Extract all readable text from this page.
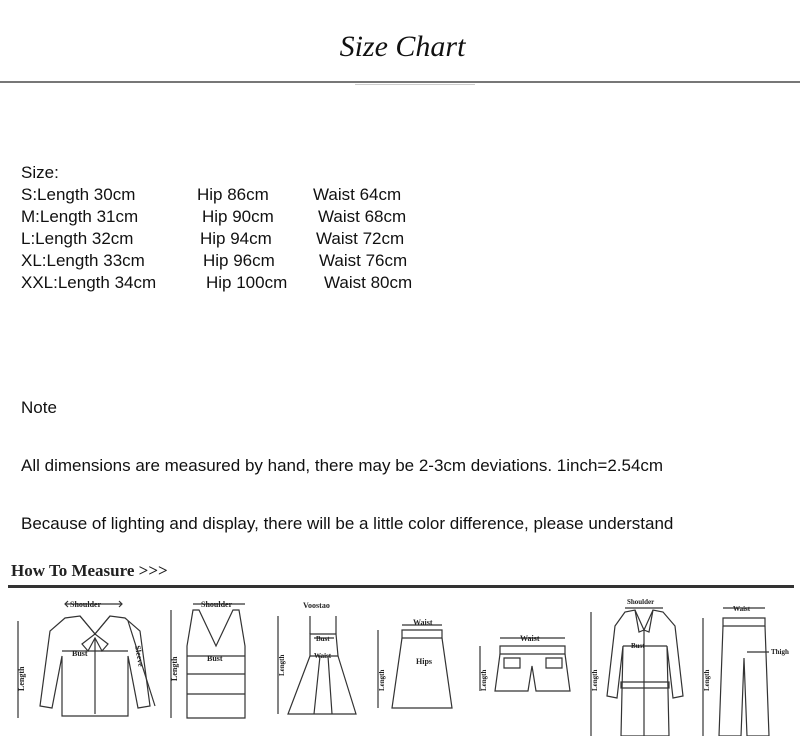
Size Chart
Size:
S:Length 30cm	Hip 86cm	Waist 64cm
M:Length 31cm	Hip 90cm	Waist 68cm
L:Length 32cm	Hip 94cm	Waist 72cm
XL:Length 33cm	Hip 96cm	Waist 76cm
XXL:Length 34cm	Hip 100cm Waist 80cm
Note
All dimensions are measured by hand, there may be 2-3cm deviations. 1inch=2.54cm
Because of lighting and display, there will be a little color difference, please understand
How To Measure >>>
Shoulder
Bust
Length
Sleeve
Shoulder
Bust
Length
Voostao
Bust
Waist
Length
Waist
Hips
Length
Waist
Length
Shoulder
Bust
Length
Waist
Thigh
Length
